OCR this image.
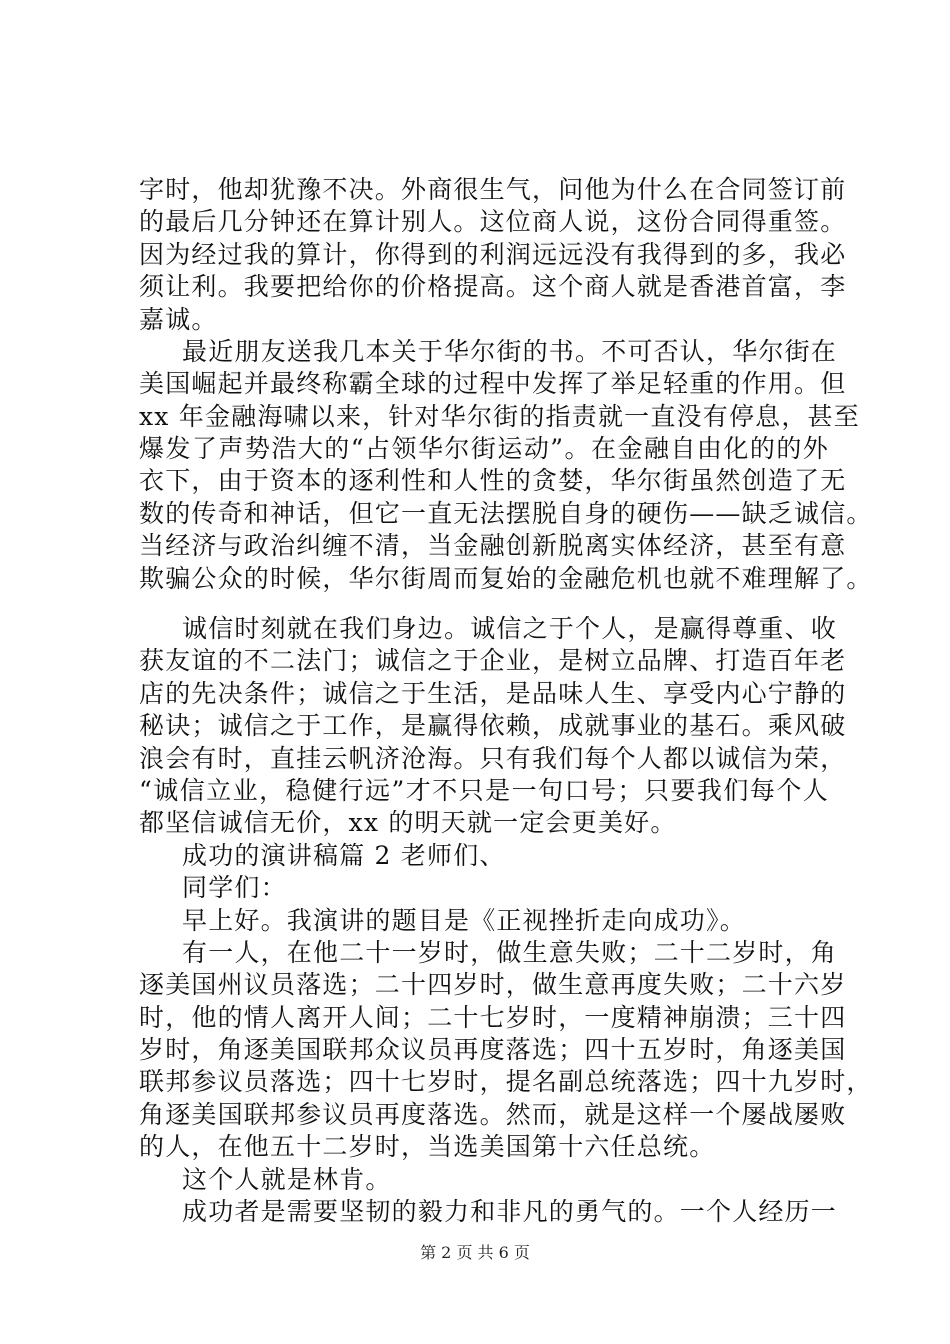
字时，他却犹豫不决。外商很生气，问他为什么在合同签订前
的最后几分钟还在算计别人。这位商人说，这份合同得重签。
因为经过我的算计，你得到的利润远远没有我得到的多，我必
须让利。我要把给你的价格提高。这个商人就是香港首富，李
嘉诚。
最近朋友送我几本关于华尔街的书。不可否认，华尔街在
美国崛起并最终称霸全球的过程中发挥了举足轻重的作用。但
xx 年金融海啸以来，针对华尔街的指责就一直没有停息，甚至
爆发了声势浩大的“占领华尔街运动”。在金融自由化的的外
衣下，由于资本的逐利性和人性的贪婪，华尔街虽然创造了无
数的传奇和神话，但它一直无法摆脱自身的硬伤——缺乏诚信。
当经济与政治纠缠不清，当金融创新脱离实体经济，甚至有意
欺骗公众的时候，华尔街周而复始的金融危机也就不难理解了。
诚信时刻就在我们身边。诚信之于个人，是赢得尊重、收
获友谊的不二法门；诚信之于企业，是树立品牌、打造百年老
店的先决条件；诚信之于生活，是品味人生、享受内心宁静的
秘诀；诚信之于工作，是赢得依赖，成就事业的基石。乘风破
浪会有时，直挂云帆济沧海。只有我们每个人都以诚信为荣，
“诚信立业，稳健行远”才不只是一句口号；只要我们每个人
都坚信诚信无价，xx 的明天就一定会更美好。
成功的演讲稿篇 2 老师们、
同学们：
早上好。我演讲的题目是《正视挫折走向成功》。
有一人，在他二十一岁时，做生意失败；二十二岁时，角
逐美国州议员落选；二十四岁时，做生意再度失败；二十六岁
时，他的情人离开人间；二十七岁时，一度精神崩溃；三十四
岁时，角逐美国联邦众议员再度落选；四十五岁时，角逐美国
联邦参议员落选；四十七岁时，提名副总统落选；四十九岁时，
第 2 页 共 6 页
角逐美国联邦参议员再度落选。然而，就是这样一个屡战屡败
的人，在他五十二岁时，当选美国第十六任总统。
这个人就是林肯。
成功者是需要坚韧的毅力和非凡的勇气的。一个人经历一
